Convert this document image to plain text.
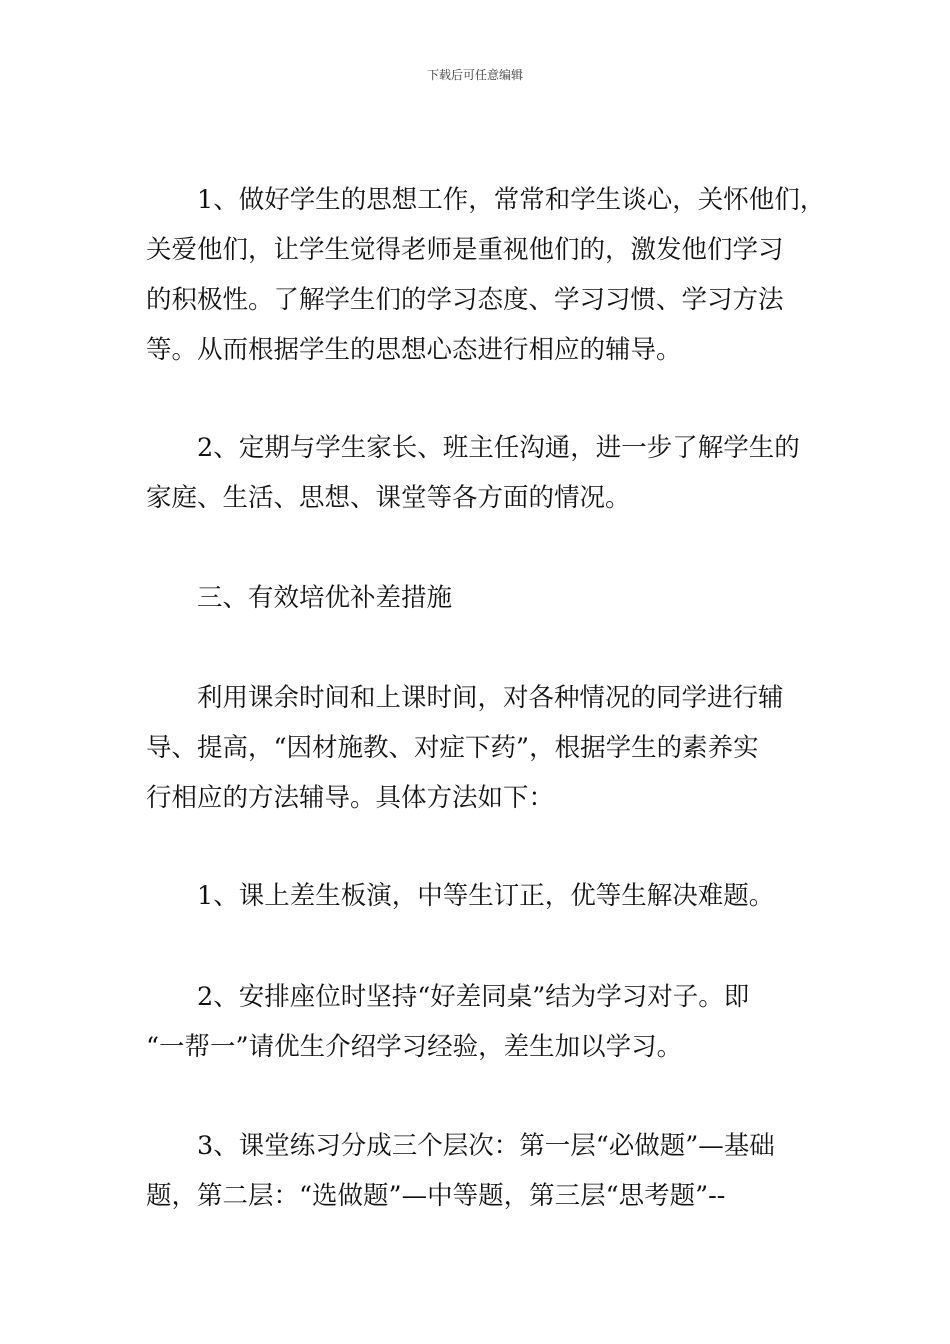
下载后可任意编辑
　　1、做好学生的思想工作，常常和学生谈心，关怀他们，
关爱他们，让学生觉得老师是重视他们的，激发他们学习
的积极性。了解学生们的学习态度、学习习惯、学习方法
等。从而根据学生的思想心态进行相应的辅导。
　　2、定期与学生家长、班主任沟通，进一步了解学生的
家庭、生活、思想、课堂等各方面的情况。
　　三、有效培优补差措施
　　利用课余时间和上课时间，对各种情况的同学进行辅
导、提高，“因材施教、对症下药”，根据学生的素养实
行相应的方法辅导。具体方法如下：
　　1、课上差生板演，中等生订正，优等生解决难题。
　　2、安排座位时坚持“好差同桌”结为学习对子。即
“一帮一”请优生介绍学习经验，差生加以学习。
　　3、课堂练习分成三个层次：第一层“必做题”—基础
题，第二层：“选做题”—中等题，第三层“思考题”--
